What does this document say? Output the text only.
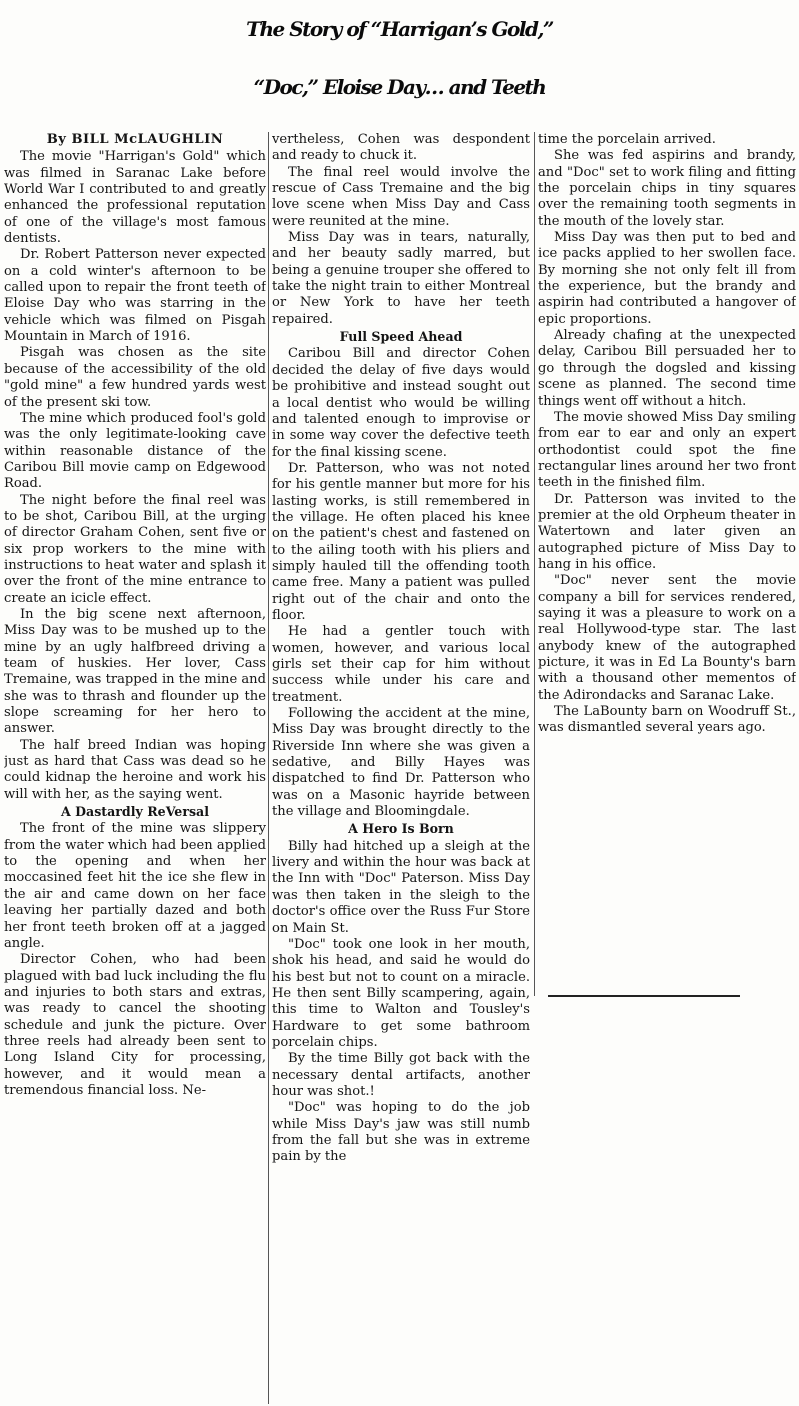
The Story of “Harrigan’s Gold,”
“Doc,” Eloise Day… and Teeth

By BILL McLAUGHLIN

The movie "Harrigan's Gold" which was filmed in Saranac Lake before World War I contributed to and greatly enhanced the professional reputation of one of the village's most famous dentists.

Dr. Robert Patterson never expected on a cold winter's afternoon to be called upon to repair the front teeth of Eloise Day who was starring in the vehicle which was filmed on Pisgah Mountain in March of 1916.

Pisgah was chosen as the site because of the accessibility of the old "gold mine" a few hundred yards west of the present ski tow.

The mine which produced fool's gold was the only legitimate-looking cave within reasonable distance of the Caribou Bill movie camp on Edgewood Road.

The night before the final reel was to be shot, Caribou Bill, at the urging of director Graham Cohen, sent five or six prop workers to the mine with instructions to heat water and splash it over the front of the mine entrance to create an icicle effect.

In the big scene next afternoon, Miss Day was to be mushed up to the mine by an ugly halfbreed driving a team of huskies. Her lover, Cass Tremaine, was trapped in the mine and she was to thrash and flounder up the slope screaming for her hero to answer.

The half breed Indian was hoping just as hard that Cass was dead so he could kidnap the heroine and work his will with her, as the saying went.

A Dastardly ReVersal

The front of the mine was slippery from the water which had been applied to the opening and when her moccasined feet hit the ice she flew in the air and came down on her face leaving her partially dazed and both her front teeth broken off at a jagged angle.

Director Cohen, who had been plagued with bad luck including the flu and injuries to both stars and extras, was ready to cancel the shooting schedule and junk the picture. Over three reels had already been sent to Long Island City for processing, however, and it would mean a tremendous financial loss. Ne-

vertheless, Cohen was despondent and ready to chuck it.

The final reel would involve the rescue of Cass Tremaine and the big love scene when Miss Day and Cass were reunited at the mine.

Miss Day was in tears, naturally, and her beauty sadly marred, but being a genuine trouper she offered to take the night train to either Montreal or New York to have her teeth repaired.

Full Speed Ahead

Caribou Bill and director Cohen decided the delay of five days would be prohibitive and instead sought out a local dentist who would be willing and talented enough to improvise or in some way cover the defective teeth for the final kissing scene.

Dr. Patterson, who was not noted for his gentle manner but more for his lasting works, is still remembered in the village. He often placed his knee on the patient's chest and fastened on to the ailing tooth with his pliers and simply hauled till the offending tooth came free. Many a patient was pulled right out of the chair and onto the floor.

He had a gentler touch with women, however, and various local girls set their cap for him without success while under his care and treatment.

Following the accident at the mine, Miss Day was brought directly to the Riverside Inn where she was given a sedative, and Billy Hayes was dispatched to find Dr. Patterson who was on a Masonic hayride between the village and Bloomingdale.

A Hero Is Born

Billy had hitched up a sleigh at the livery and within the hour was back at the Inn with "Doc" Paterson. Miss Day was then taken in the sleigh to the doctor's office over the Russ Fur Store on Main St.

"Doc" took one look in her mouth, shok his head, and said he would do his best but not to count on a miracle. He then sent Billy scampering, again, this time to Walton and Tousley's Hardware to get some bathroom porcelain chips.

By the time Billy got back with the necessary dental artifacts, another hour was shot.!

"Doc" was hoping to do the job while Miss Day's jaw was still numb from the fall but she was in extreme pain by the

time the porcelain arrived.

She was fed aspirins and brandy, and "Doc" set to work filing and fitting the porcelain chips in tiny squares over the remaining tooth segments in the mouth of the lovely star.

Miss Day was then put to bed and ice packs applied to her swollen face. By morning she not only felt ill from the experience, but the brandy and aspirin had contributed a hangover of epic proportions.

Already chafing at the unexpected delay, Caribou Bill persuaded her to go through the dogsled and kissing scene as planned. The second time things went off without a hitch.

The movie showed Miss Day smiling from ear to ear and only an expert orthodontist could spot the fine rectangular lines around her two front teeth in the finished film.

Dr. Patterson was invited to the premier at the old Orpheum theater in Watertown and later given an autographed picture of Miss Day to hang in his office.

"Doc" never sent the movie company a bill for services rendered, saying it was a pleasure to work on a real Hollywood-type star. The last anybody knew of the autographed picture, it was in Ed La Bounty's barn with a thousand other mementos of the Adirondacks and Saranac Lake.

The LaBounty barn on Woodruff St., was dismantled several years ago.
